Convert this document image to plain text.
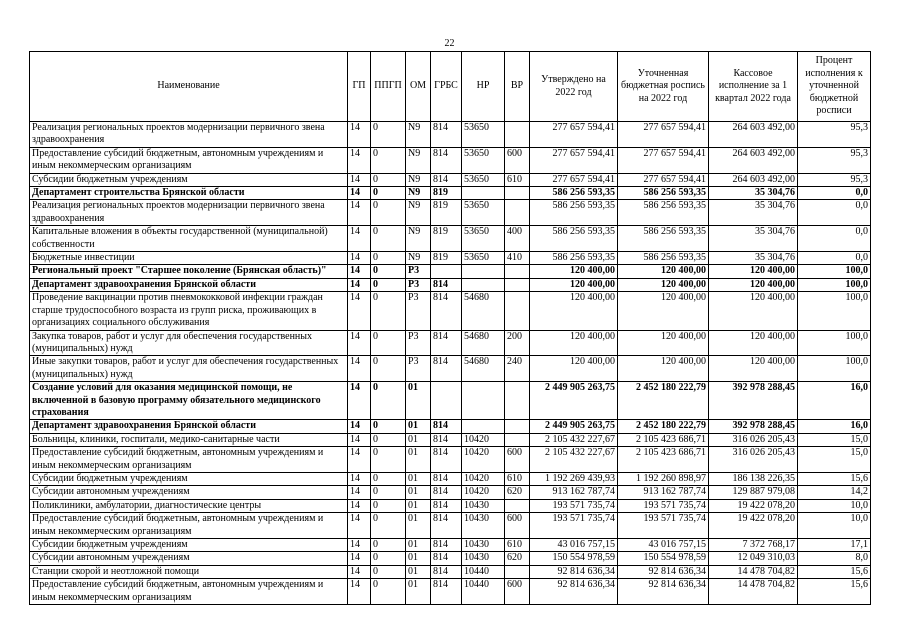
22
Наименование	ГП	ППГП	ОМ	ГРБС	НР	ВР	Утверждено на 2022 год	Уточненная бюджетная роспись на 2022 год	Кассовое исполнение за 1 квартал 2022 года	Процент исполнения к уточненной бюджетной росписи
Реализация региональных проектов модернизации первичного звена здравоохранения	14	0	N9	814	53650		277 657 594,41	277 657 594,41	264 603 492,00	95,3
Предоставление субсидий бюджетным, автономным учреждениям и иным некоммерческим организациям	14	0	N9	814	53650	600	277 657 594,41	277 657 594,41	264 603 492,00	95,3
Субсидии бюджетным учреждениям	14	0	N9	814	53650	610	277 657 594,41	277 657 594,41	264 603 492,00	95,3
Департамент строительства Брянской области	14	0	N9	819			586 256 593,35	586 256 593,35	35 304,76	0,0
Реализация региональных проектов модернизации первичного звена здравоохранения	14	0	N9	819	53650		586 256 593,35	586 256 593,35	35 304,76	0,0
Капитальные вложения в объекты государственной (муниципальной) собственности	14	0	N9	819	53650	400	586 256 593,35	586 256 593,35	35 304,76	0,0
Бюджетные инвестиции	14	0	N9	819	53650	410	586 256 593,35	586 256 593,35	35 304,76	0,0
Региональный проект "Старшее поколение (Брянская область)"	14	0	P3				120 400,00	120 400,00	120 400,00	100,0
Департамент здравоохранения Брянской области	14	0	P3	814			120 400,00	120 400,00	120 400,00	100,0
Проведение вакцинации против пневмококковой инфекции граждан старше трудоспособного возраста из групп риска, проживающих в организациях социального обслуживания	14	0	P3	814	54680		120 400,00	120 400,00	120 400,00	100,0
Закупка товаров, работ и услуг для обеспечения государственных (муниципальных) нужд	14	0	P3	814	54680	200	120 400,00	120 400,00	120 400,00	100,0
Иные закупки товаров, работ и услуг для обеспечения государственных (муниципальных) нужд	14	0	P3	814	54680	240	120 400,00	120 400,00	120 400,00	100,0
Создание условий для оказания медицинской помощи, не включенной в базовую программу обязательного медицинского страхования	14	0	01				2 449 905 263,75	2 452 180 222,79	392 978 288,45	16,0
Департамент здравоохранения Брянской области	14	0	01	814			2 449 905 263,75	2 452 180 222,79	392 978 288,45	16,0
Больницы, клиники, госпитали, медико-санитарные части	14	0	01	814	10420		2 105 432 227,67	2 105 423 686,71	316 026 205,43	15,0
Предоставление субсидий бюджетным, автономным учреждениям и иным некоммерческим организациям	14	0	01	814	10420	600	2 105 432 227,67	2 105 423 686,71	316 026 205,43	15,0
Субсидии бюджетным учреждениям	14	0	01	814	10420	610	1 192 269 439,93	1 192 260 898,97	186 138 226,35	15,6
Субсидии автономным учреждениям	14	0	01	814	10420	620	913 162 787,74	913 162 787,74	129 887 979,08	14,2
Поликлиники, амбулатории, диагностические центры	14	0	01	814	10430		193 571 735,74	193 571 735,74	19 422 078,20	10,0
Предоставление субсидий бюджетным, автономным учреждениям и иным некоммерческим организациям	14	0	01	814	10430	600	193 571 735,74	193 571 735,74	19 422 078,20	10,0
Субсидии бюджетным учреждениям	14	0	01	814	10430	610	43 016 757,15	43 016 757,15	7 372 768,17	17,1
Субсидии автономным учреждениям	14	0	01	814	10430	620	150 554 978,59	150 554 978,59	12 049 310,03	8,0
Станции скорой и неотложной помощи	14	0	01	814	10440		92 814 636,34	92 814 636,34	14 478 704,82	15,6
Предоставление субсидий бюджетным, автономным учреждениям и иным некоммерческим организациям	14	0	01	814	10440	600	92 814 636,34	92 814 636,34	14 478 704,82	15,6
